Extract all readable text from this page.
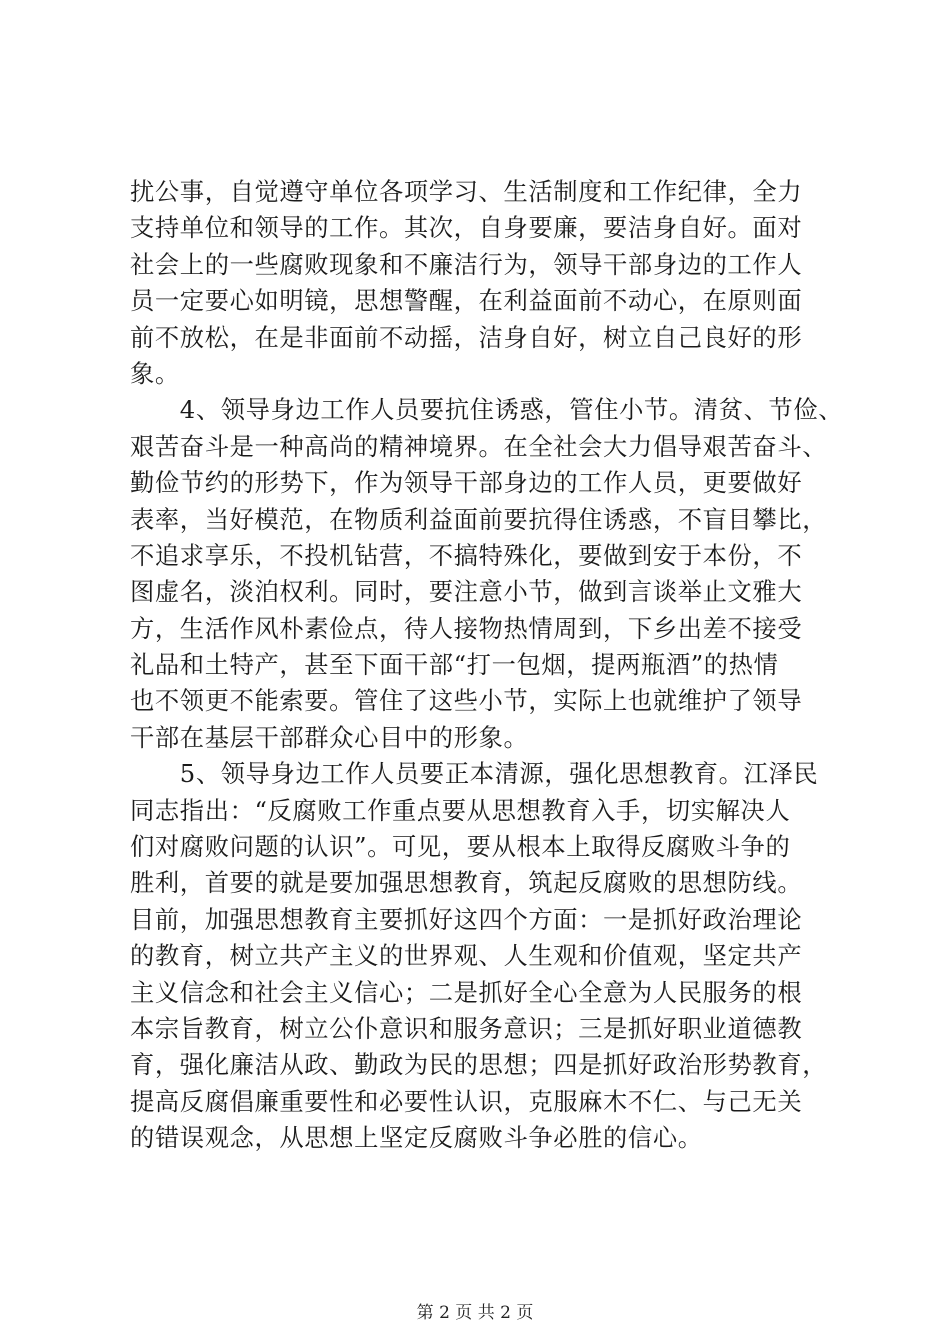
扰公事，自觉遵守单位各项学习、生活制度和工作纪律，全力
支持单位和领导的工作。其次，自身要廉，要洁身自好。面对
社会上的一些腐败现象和不廉洁行为，领导干部身边的工作人
员一定要心如明镜，思想警醒，在利益面前不动心，在原则面
前不放松，在是非面前不动摇，洁身自好，树立自己良好的形
象。
　　4、领导身边工作人员要抗住诱惑，管住小节。清贫、节俭、
艰苦奋斗是一种高尚的精神境界。在全社会大力倡导艰苦奋斗、
勤俭节约的形势下，作为领导干部身边的工作人员，更要做好
表率，当好模范，在物质利益面前要抗得住诱惑，不盲目攀比，
不追求享乐，不投机钻营，不搞特殊化，要做到安于本份，不
图虚名，淡泊权利。同时，要注意小节，做到言谈举止文雅大
方，生活作风朴素俭点，待人接物热情周到，下乡出差不接受
礼品和土特产，甚至下面干部“打一包烟，提两瓶酒”的热情
也不领更不能索要。管住了这些小节，实际上也就维护了领导
干部在基层干部群众心目中的形象。
　　5、领导身边工作人员要正本清源，强化思想教育。江泽民
同志指出：“反腐败工作重点要从思想教育入手，切实解决人
们对腐败问题的认识”。可见，要从根本上取得反腐败斗争的
胜利，首要的就是要加强思想教育，筑起反腐败的思想防线。
目前，加强思想教育主要抓好这四个方面：一是抓好政治理论
的教育，树立共产主义的世界观、人生观和价值观，坚定共产
主义信念和社会主义信心；二是抓好全心全意为人民服务的根
本宗旨教育，树立公仆意识和服务意识；三是抓好职业道德教
育，强化廉洁从政、勤政为民的思想；四是抓好政治形势教育，
提高反腐倡廉重要性和必要性认识，克服麻木不仁、与己无关
的错误观念，从思想上坚定反腐败斗争必胜的信心。
第 2 页 共 2 页
